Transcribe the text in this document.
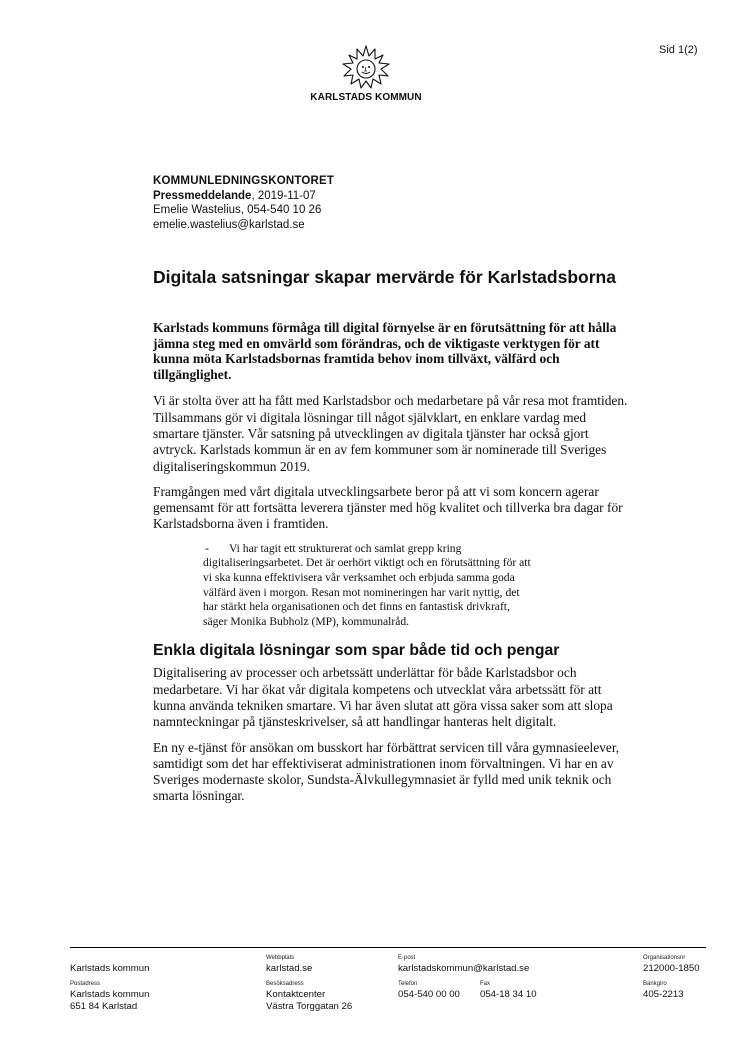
Sid 1(2)
KARLSTADS KOMMUN
KOMMUNLEDNINGSKONTORET
Pressmeddelande, 2019-11-07
Emelie Wastelius, 054-540 10 26
emelie.wastelius@karlstad.se
Digitala satsningar skapar mervärde för Karlstadsborna

Karlstads kommuns förmåga till digital förnyelse är en förutsättning för att hålla jämna steg med en omvärld som förändras, och de viktigaste verktygen för att kunna möta Karlstadsbornas framtida behov inom tillväxt, välfärd och tillgänglighet.

Vi är stolta över att ha fått med Karlstadsbor och medarbetare på vår resa mot framtiden. Tillsammans gör vi digitala lösningar till något självklart, en enklare vardag med smartare tjänster. Vår satsning på utvecklingen av digitala tjänster har också gjort avtryck. Karlstads kommun är en av fem kommuner som är nominerade till Sveriges digitaliseringskommun 2019.

Framgången med vårt digitala utvecklingsarbete beror på att vi som koncern agerar gemensamt för att fortsätta leverera tjänster med hög kvalitet och tillverka bra dagar för Karlstadsborna även i framtiden.

- Vi har tagit ett strukturerat och samlat grepp kring digitaliseringsarbetet. Det är oerhört viktigt och en förutsättning för att vi ska kunna effektivisera vår verksamhet och erbjuda samma goda välfärd även i morgon. Resan mot nomineringen har varit nyttig, det har stärkt hela organisationen och det finns en fantastisk drivkraft, säger Monika Bubholz (MP), kommunalråd.
Enkla digitala lösningar som spar både tid och pengar

Digitalisering av processer och arbetssätt underlättar för både Karlstadsbor och medarbetare. Vi har ökat vår digitala kompetens och utvecklat våra arbetssätt för att kunna använda tekniken smartare. Vi har även slutat att göra vissa saker som att slopa namnteckningar på tjänsteskrivelser, så att handlingar hanteras helt digitalt.

En ny e-tjänst för ansökan om busskort har förbättrat servicen till våra gymnasieelever, samtidigt som det har effektiviserat administrationen inom förvaltningen. Vi har en av Sveriges modernaste skolor, Sundsta-Älvkullegymnasiet är fylld med unik teknik och smarta lösningar.

Karlstads kommun
Webbplats
karlstad.se
E-post
karlstadskommun@karlstad.se
Organisationsnr
212000-1850
Postadress
Karlstads kommun
651 84 Karlstad
Besöksadress
Kontaktcenter
Västra Torggatan 26
Telefon
054-540 00 00
Fax
054-18 34 10
Bankgiro
405-2213
